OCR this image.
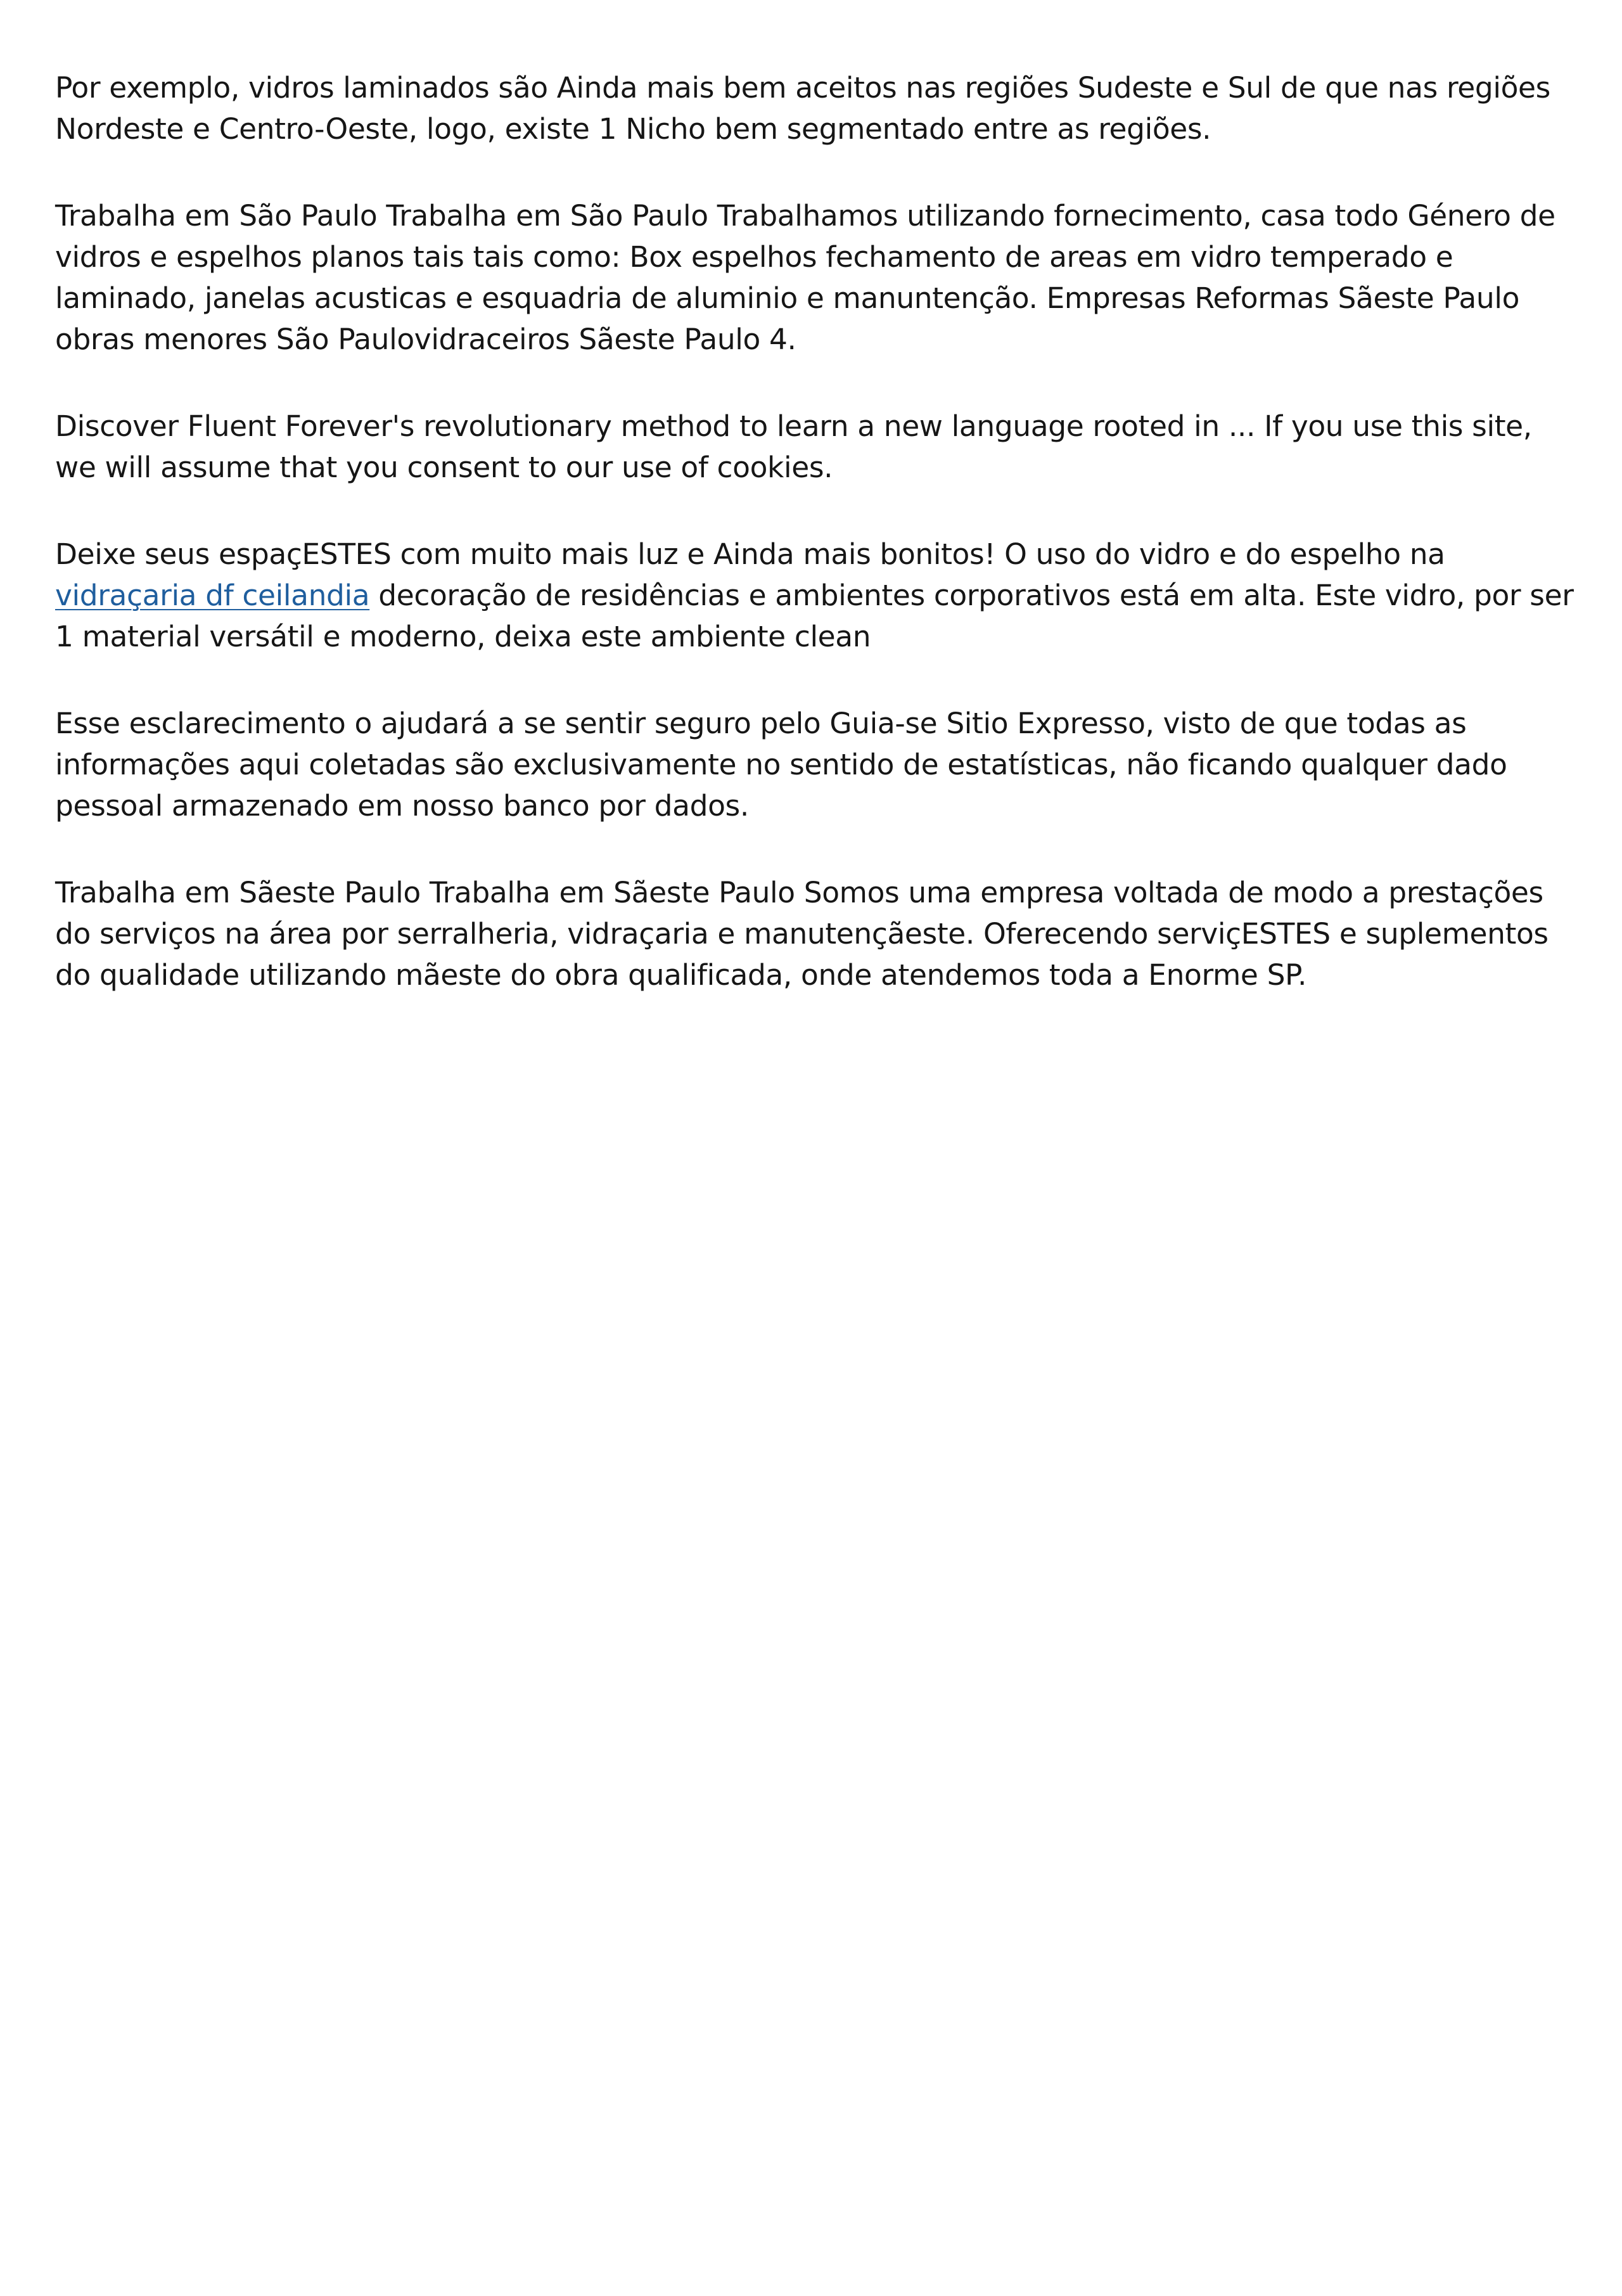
Por exemplo, vidros laminados são Ainda mais bem aceitos nas regiões Sudeste e Sul de que nas regiões Nordeste e Centro-Oeste, logo, existe 1 Nicho bem segmentado entre as regiões.

Trabalha em São Paulo Trabalha em São Paulo Trabalhamos utilizando fornecimento, casa todo Género de vidros e espelhos planos tais tais como: Box espelhos fechamento de areas em vidro temperado e laminado, janelas acusticas e esquadria de aluminio e manuntenção. Empresas Reformas Sãeste Paulo obras menores São Paulovidraceiros Sãeste Paulo 4.

Discover Fluent Forever's revolutionary method to learn a new language rooted in ... If you use this site, we will assume that you consent to our use of cookies.

Deixe seus espaçESTES com muito mais luz e Ainda mais bonitos! O uso do vidro e do espelho na vidraçaria df ceilandia decoração de residências e ambientes corporativos está em alta. Este vidro, por ser 1 material versátil e moderno, deixa este ambiente clean

Esse esclarecimento o ajudará a se sentir seguro pelo Guia-se Sitio Expresso, visto de que todas as informações aqui coletadas são exclusivamente no sentido de estatísticas, não ficando qualquer dado pessoal armazenado em nosso banco por dados.

Trabalha em Sãeste Paulo Trabalha em Sãeste Paulo Somos uma empresa voltada de modo a prestações do serviços na área por serralheria, vidraçaria e manutençãeste. Oferecendo serviçESTES e suplementos do qualidade utilizando mãeste do obra qualificada, onde atendemos toda a Enorme SP.
